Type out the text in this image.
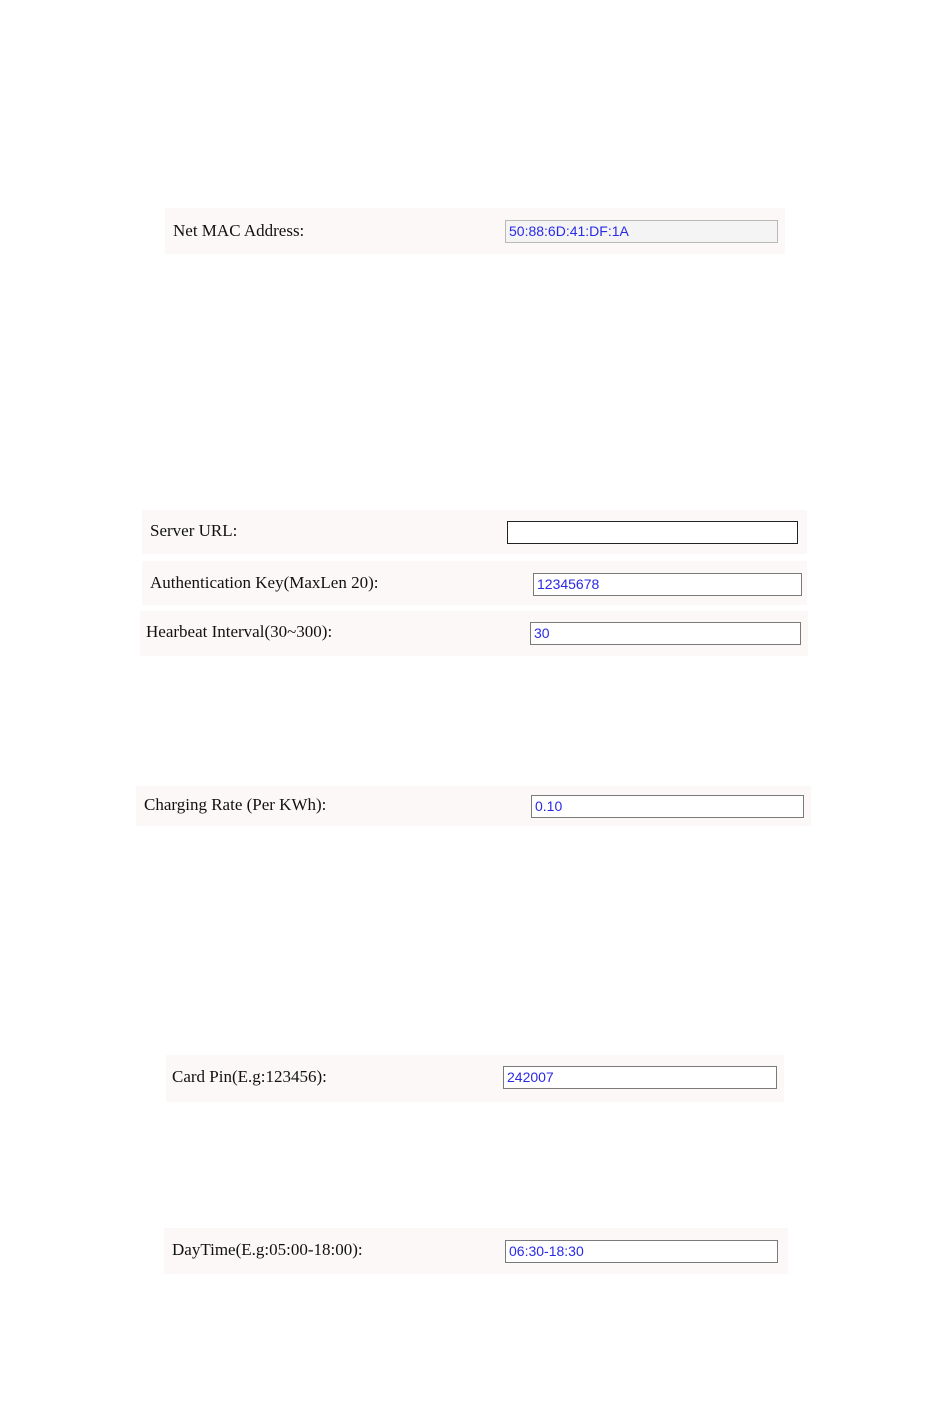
Net MAC Address:	50:88:6D:41:DF:1A
Server URL:
Authentication Key(MaxLen 20):	12345678
Hearbeat Interval(30~300):	30
Charging Rate (Per KWh):	0.10
Card Pin(E.g:123456):	242007
DayTime(E.g:05:00-18:00):	06:30-18:30
